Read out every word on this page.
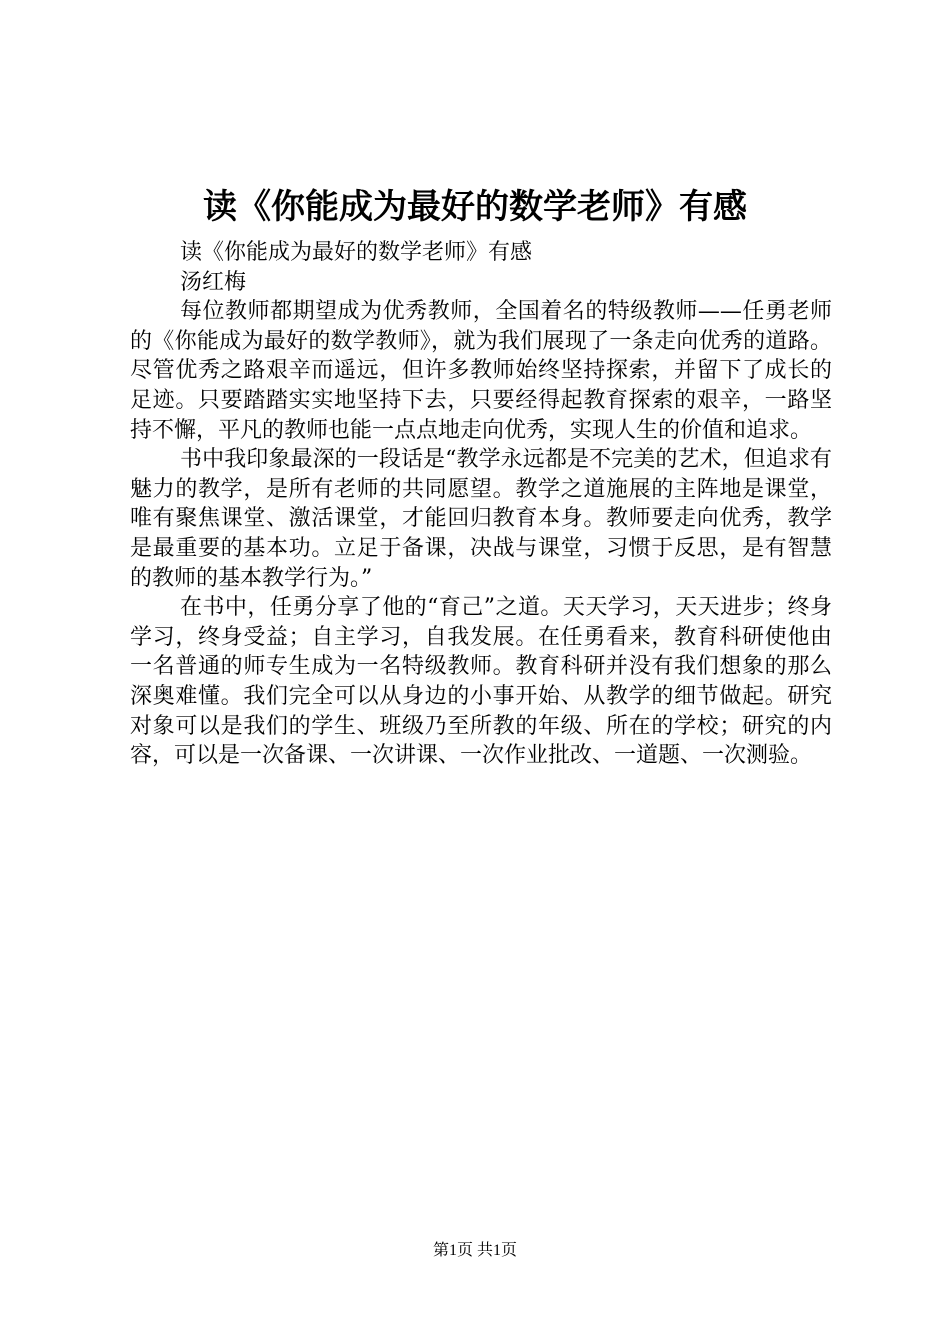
读《你能成为最好的数学老师》有感

读《你能成为最好的数学老师》有感

汤红梅

每位教师都期望成为优秀教师，全国着名的特级教师——任勇老师的《你能成为最好的数学教师》，就为我们展现了一条走向优秀的道路。尽管优秀之路艰辛而遥远，但许多教师始终坚持探索，并留下了成长的足迹。只要踏踏实实地坚持下去，只要经得起教育探索的艰辛，一路坚持不懈，平凡的教师也能一点点地走向优秀，实现人生的价值和追求。

书中我印象最深的一段话是“教学永远都是不完美的艺术，但追求有魅力的教学，是所有老师的共同愿望。教学之道施展的主阵地是课堂，唯有聚焦课堂、激活课堂，才能回归教育本身。教师要走向优秀，教学是最重要的基本功。立足于备课，决战与课堂，习惯于反思，是有智慧的教师的基本教学行为。”

在书中，任勇分享了他的“育己”之道。天天学习，天天进步；终身学习，终身受益；自主学习，自我发展。在任勇看来，教育科研使他由一名普通的师专生成为一名特级教师。教育科研并没有我们想象的那么深奥难懂。我们完全可以从身边的小事开始、从教学的细节做起。研究对象可以是我们的学生、班级乃至所教的年级、所在的学校；研究的内容，可以是一次备课、一次讲课、一次作业批改、一道题、一次测验。

第1页 共1页
